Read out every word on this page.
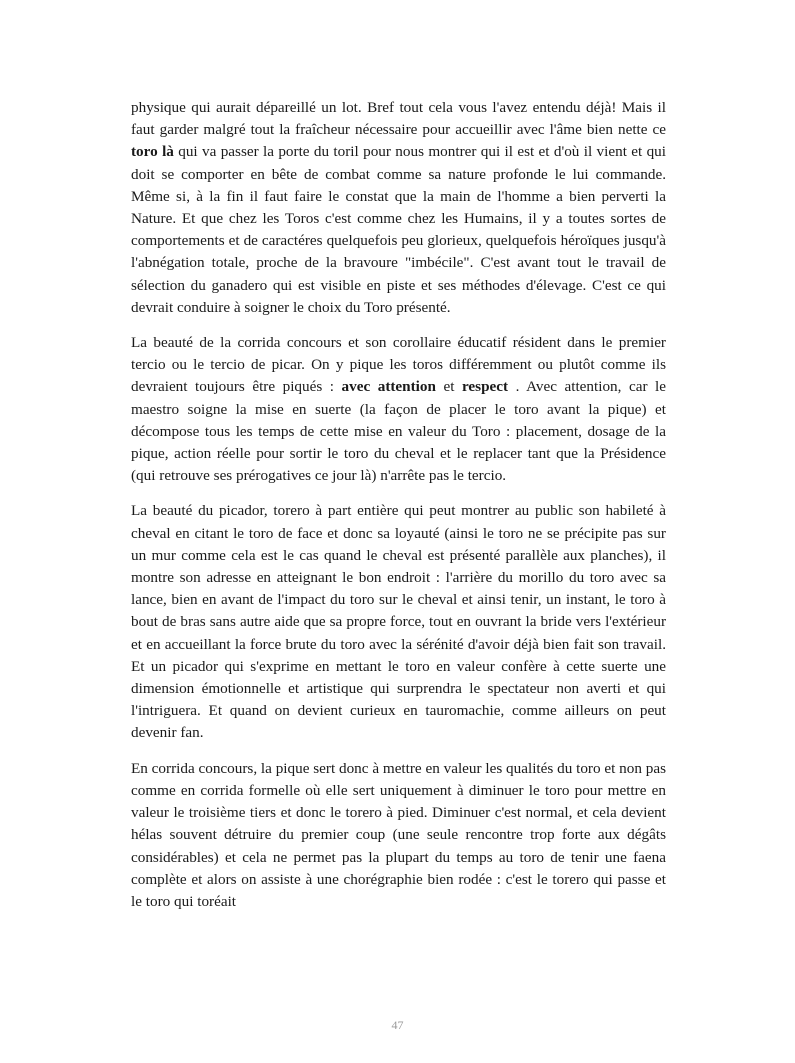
physique qui aurait dépareillé un lot. Bref tout cela vous l'avez entendu déjà! Mais il faut garder malgré tout la fraîcheur nécessaire pour accueillir avec l'âme bien nette ce toro là qui va passer la porte du toril pour nous montrer qui il est et d'où il vient et qui doit se comporter en bête de combat comme sa nature profonde le lui commande. Même si, à la fin il faut faire le constat que la main de l'homme a bien perverti la Nature. Et que chez les Toros c'est comme chez les Humains, il y a toutes sortes de comportements et de caractéres quelquefois peu glorieux, quelquefois héroïques jusqu'à l'abnégation totale, proche de la bravoure "imbécile". C'est avant tout le travail de sélection du ganadero qui est visible en piste et ses méthodes d'élevage. C'est ce qui devrait conduire à soigner le choix du Toro présenté.

La beauté de la corrida concours et son corollaire éducatif résident dans le premier tercio ou le tercio de picar. On y pique les toros différemment ou plutôt comme ils devraient toujours être piqués : avec attention et respect . Avec attention, car le maestro soigne la mise en suerte (la façon de placer le toro avant la pique) et décompose tous les temps de cette mise en valeur du Toro : placement, dosage de la pique, action réelle pour sortir le toro du cheval et le replacer tant que la Présidence (qui retrouve ses prérogatives ce jour là) n'arrête pas le tercio.

La beauté du picador, torero à part entière qui peut montrer au public son habileté à cheval en citant le toro de face et donc sa loyauté (ainsi le toro ne se précipite pas sur un mur comme cela est le cas quand le cheval est présenté parallèle aux planches), il montre son adresse en atteignant le bon endroit : l'arrière du morillo du toro avec sa lance, bien en avant de l'impact du toro sur le cheval et ainsi tenir, un instant, le toro à bout de bras sans autre aide que sa propre force, tout en ouvrant la bride vers l'extérieur et en accueillant la force brute du toro avec la sérénité d'avoir déjà bien fait son travail. Et un picador qui s'exprime en mettant le toro en valeur confère à cette suerte une dimension émotionnelle et artistique qui surprendra le spectateur non averti et qui l'intriguera. Et quand on devient curieux en tauromachie, comme ailleurs on peut devenir fan.

En corrida concours, la pique sert donc à mettre en valeur les qualités du toro et non pas comme en corrida formelle où elle sert uniquement à diminuer le toro pour mettre en valeur le troisième tiers et donc le torero à pied. Diminuer c'est normal, et cela devient hélas souvent détruire du premier coup (une seule rencontre trop forte aux dégâts considérables) et cela ne permet pas la plupart du temps au toro de tenir une faena complète et alors on assiste à une chorégraphie bien rodée : c'est le torero qui passe et le toro qui toréait

47
